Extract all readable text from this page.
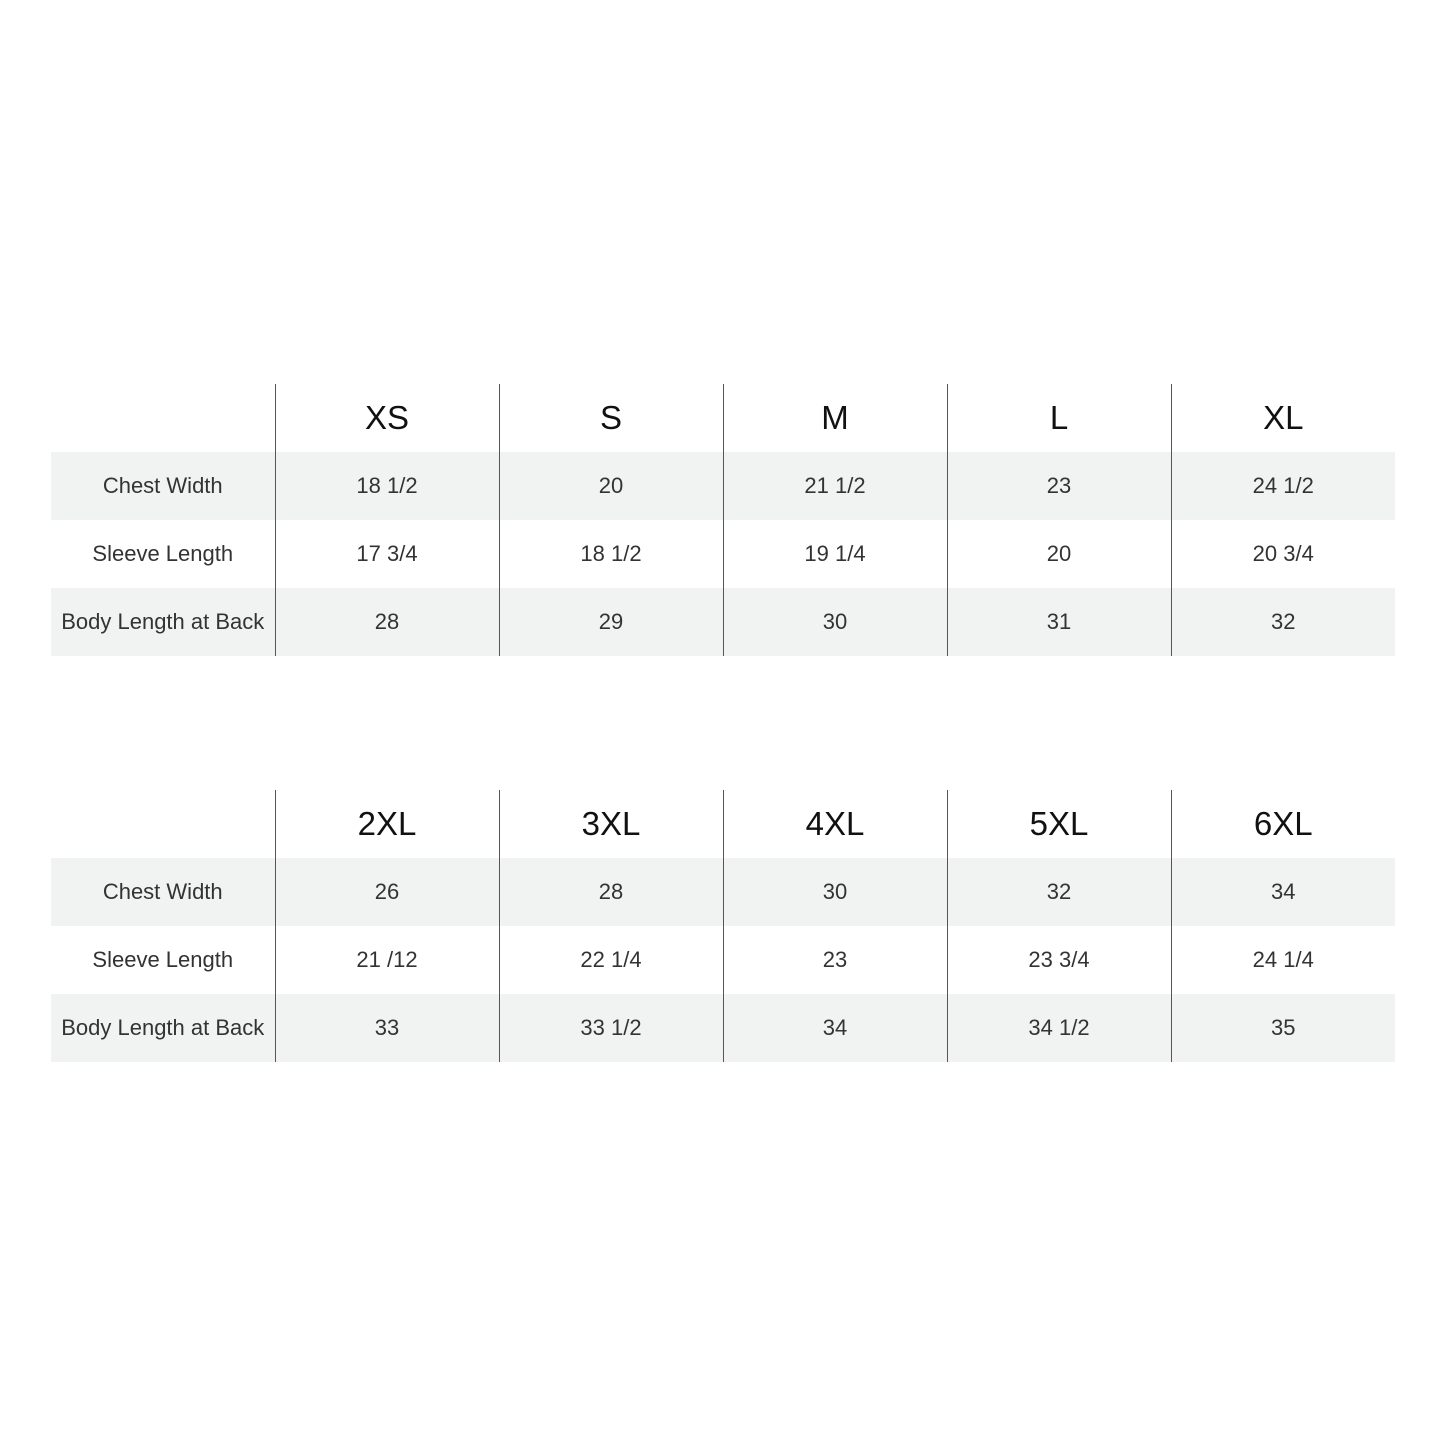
	XS	S	M	L	XL
Chest Width	18 1/2	20	21 1/2	23	24 1/2
Sleeve Length	17 3/4	18 1/2	19 1/4	20	20 3/4
Body Length at Back	28	29	30	31	32
	2XL	3XL	4XL	5XL	6XL
Chest Width	26	28	30	32	34
Sleeve Length	21 /12	22 1/4	23	23 3/4	24 1/4
Body Length at Back	33	33 1/2	34	34 1/2	35
